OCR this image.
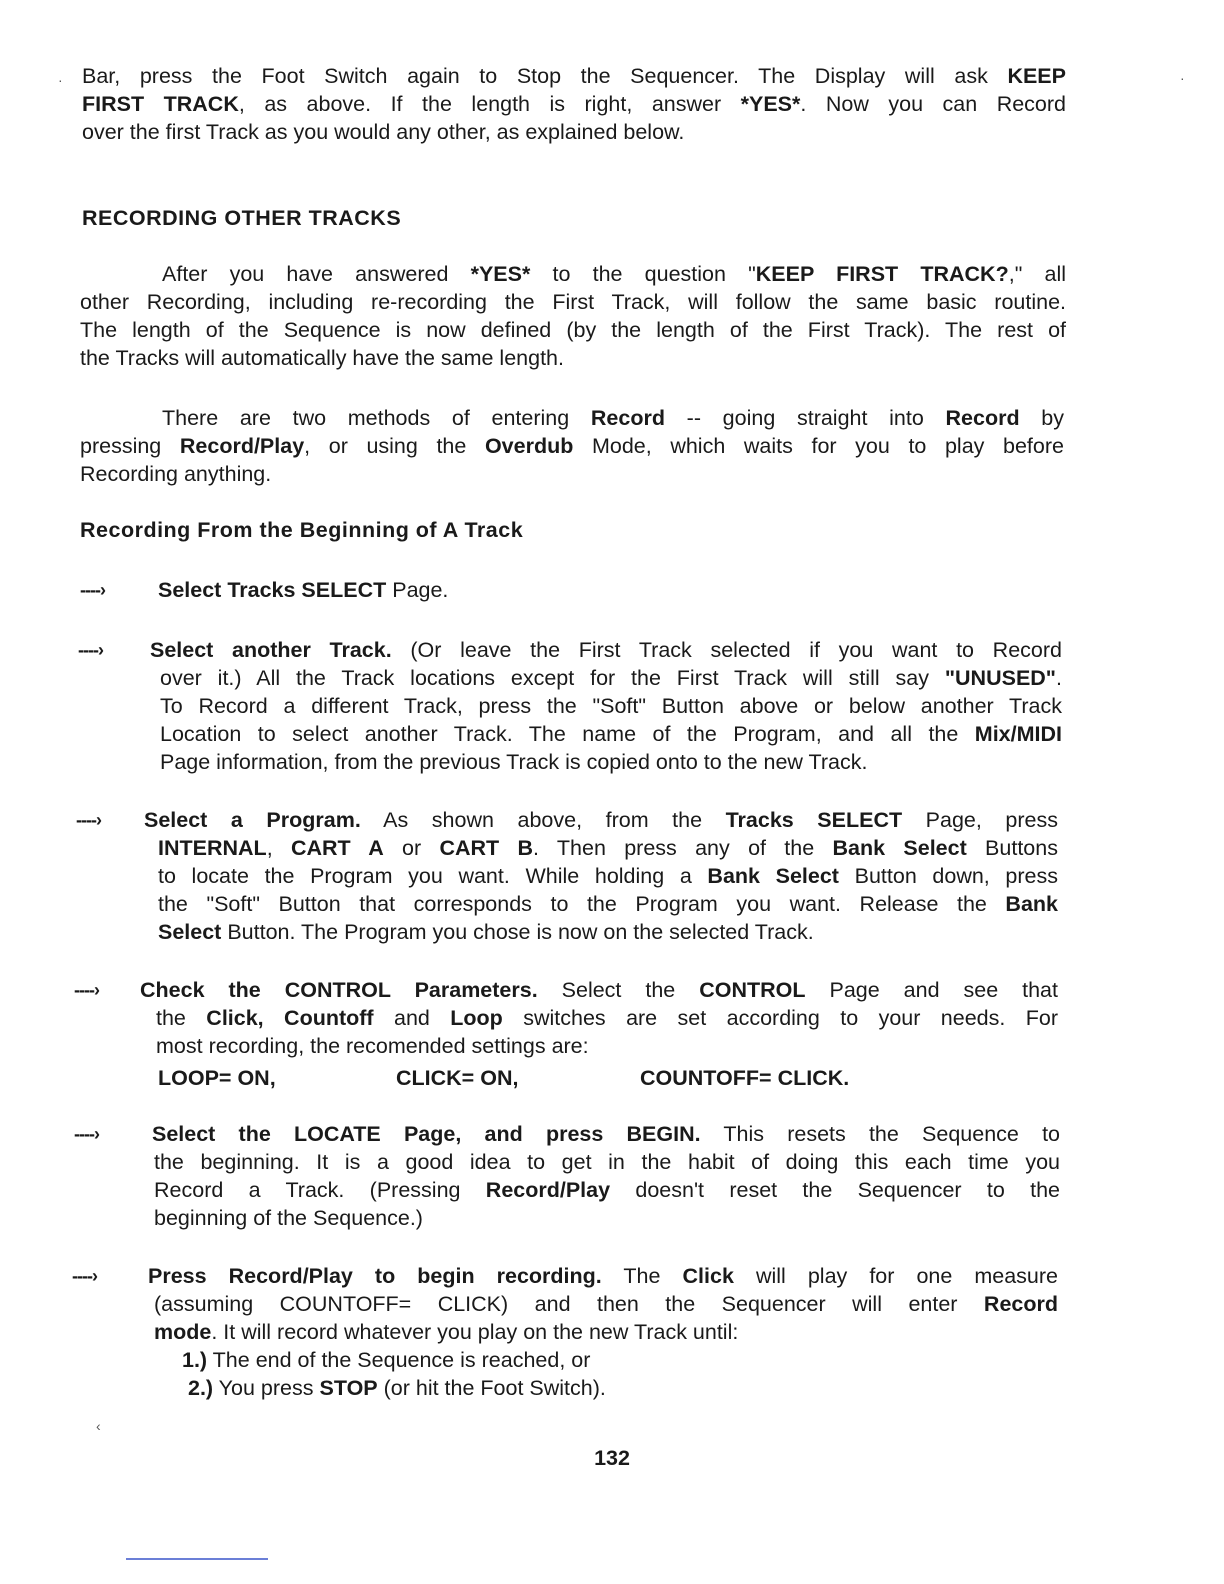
Bar, press the Foot Switch again to Stop the Sequencer. The Display will ask KEEP
FIRST TRACK, as above. If the length is right, answer *YES*. Now you can Record
over the first Track as you would any other, as explained below.
RECORDING OTHER TRACKS
After you have answered *YES* to the question "KEEP FIRST TRACK?," all
other Recording, including re-recording the First Track, will follow the same basic routine.
The length of the Sequence is now defined (by the length of the First Track). The rest of
the Tracks will automatically have the same length.
There are two methods of entering Record -- going straight into Record by
pressing Record/Play, or using the Overdub Mode, which waits for you to play before
Recording anything.
Recording From the Beginning of A Track
----› Select Tracks SELECT Page.
----› Select another Track. (Or leave the First Track selected if you want to Record
over it.) All the Track locations except for the First Track will still say "UNUSED".
To Record a different Track, press the "Soft" Button above or below another Track
Location to select another Track. The name of the Program, and all the Mix/MIDI
Page information, from the previous Track is copied onto to the new Track.
----› Select a Program. As shown above, from the Tracks SELECT Page, press
INTERNAL, CART A or CART B. Then press any of the Bank Select Buttons
to locate the Program you want. While holding a Bank Select Button down, press
the "Soft" Button that corresponds to the Program you want. Release the Bank
Select Button. The Program you chose is now on the selected Track.
----› Check the CONTROL Parameters. Select the CONTROL Page and see that
the Click, Countoff and Loop switches are set according to your needs. For
most recording, the recomended settings are:
LOOP= ON,	CLICK= ON,	COUNTOFF= CLICK.
----› Select the LOCATE Page, and press BEGIN. This resets the Sequence to
the beginning. It is a good idea to get in the habit of doing this each time you
Record a Track. (Pressing Record/Play doesn't reset the Sequencer to the
beginning of the Sequence.)
----› Press Record/Play to begin recording. The Click will play for one measure
(assuming COUNTOFF= CLICK) and then the Sequencer will enter Record
mode. It will record whatever you play on the new Track until:
1.) The end of the Sequence is reached, or
2.) You press STOP (or hit the Foot Switch).
132
·	·
‹
